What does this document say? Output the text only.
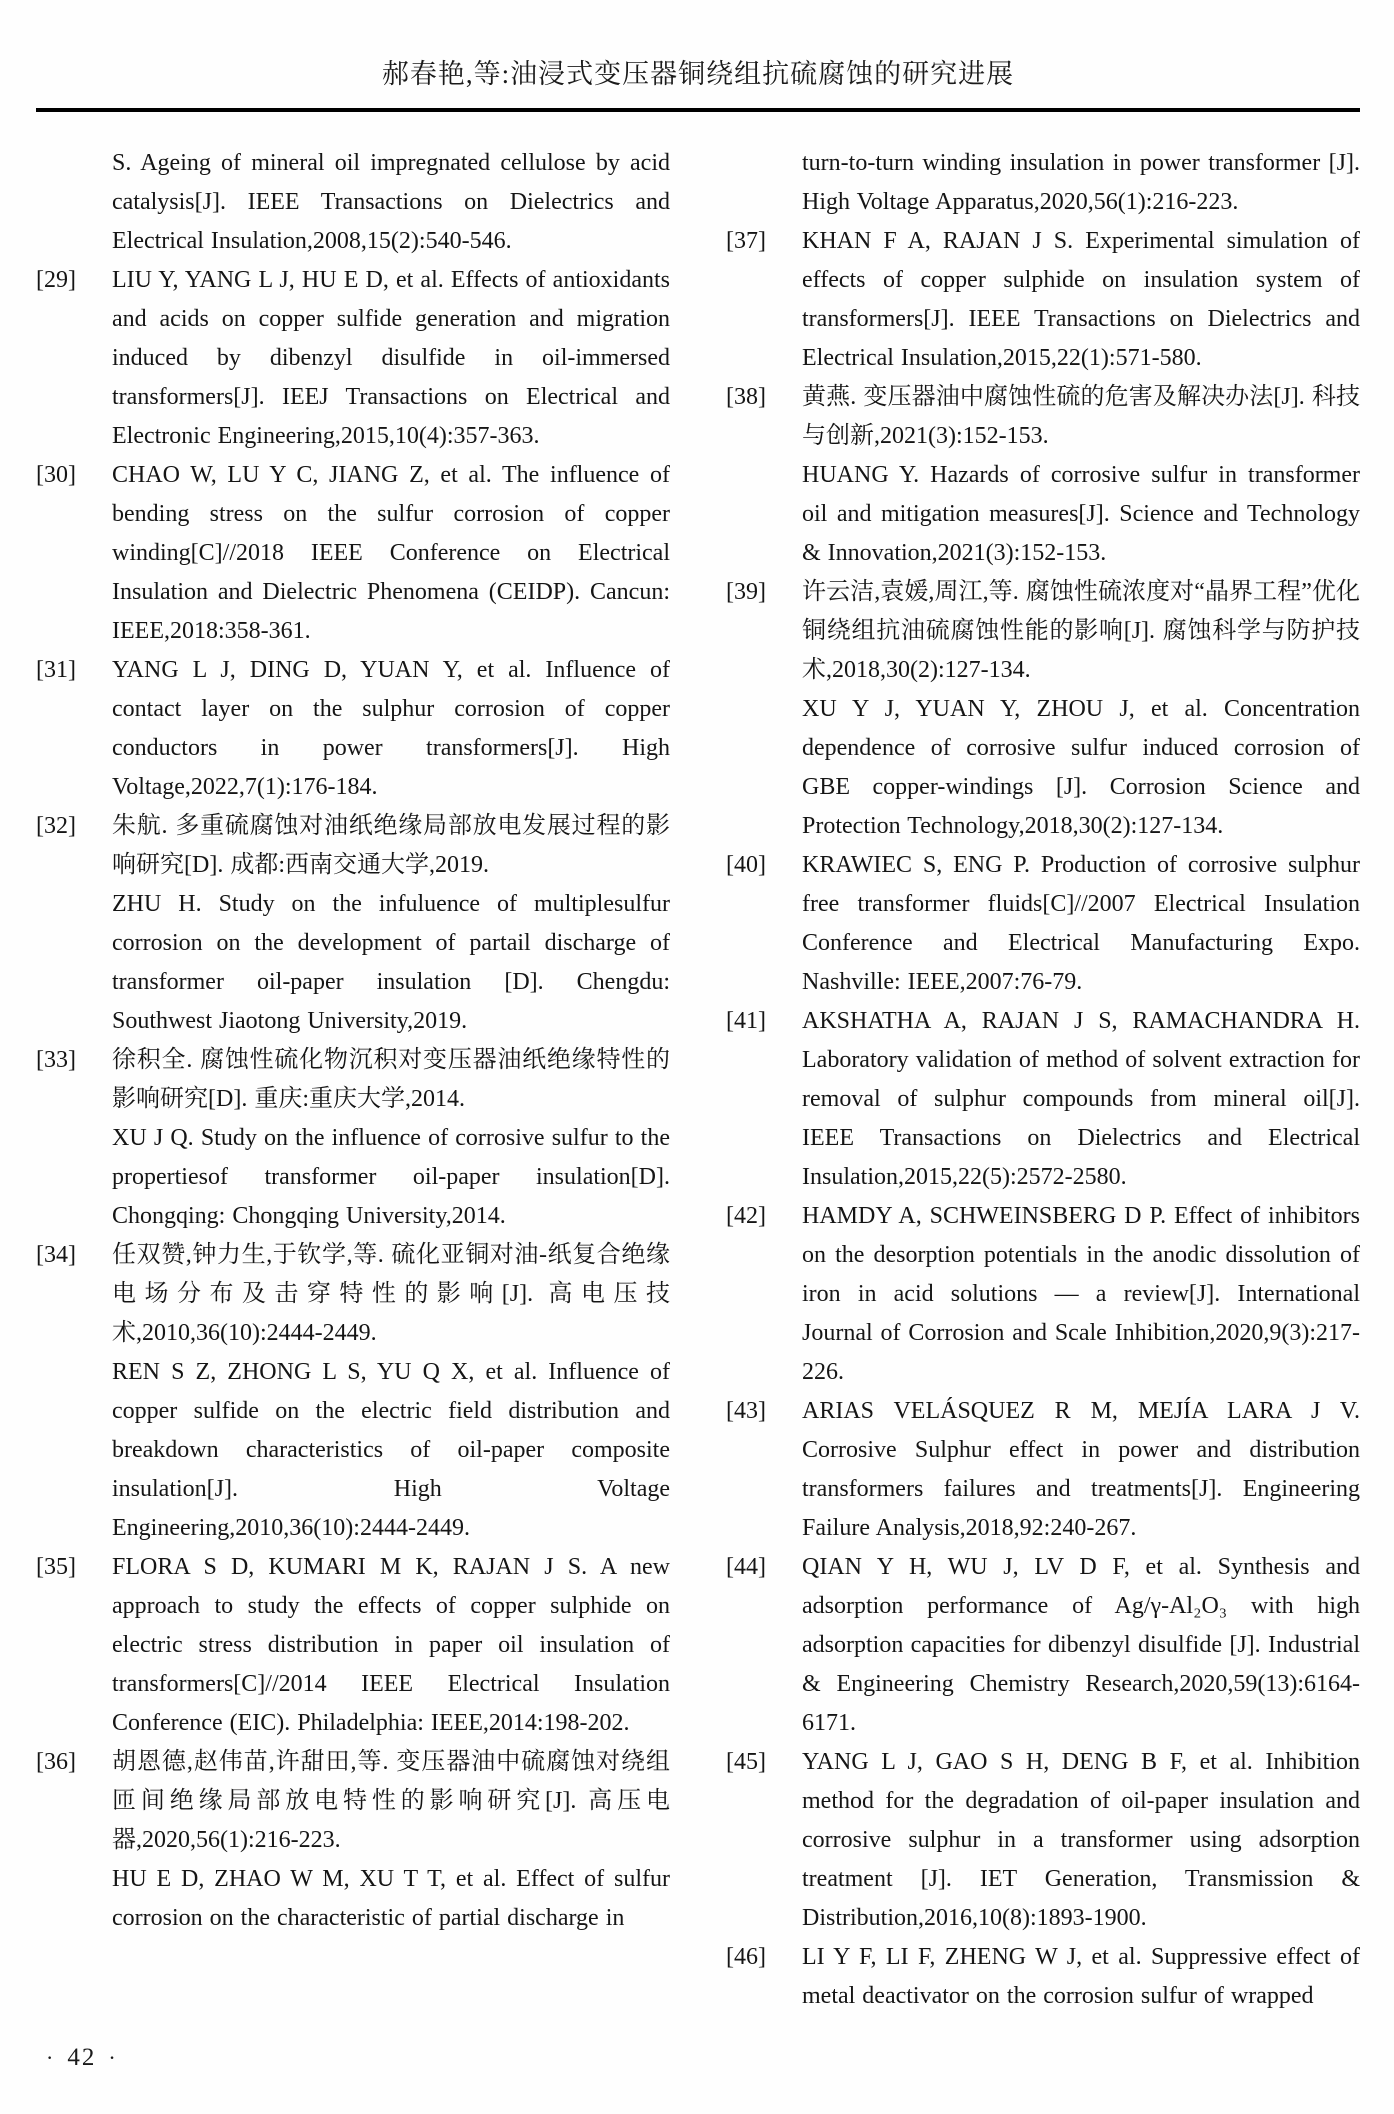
郝春艳,等:油浸式变压器铜绕组抗硫腐蚀的研究进展

S. Ageing of mineral oil impregnated cellulose by acid catalysis[J]. IEEE Transactions on Dielectrics and Electrical Insulation,2008,15(2):540-546.

[29]	LIU Y, YANG L J, HU E D, et al. Effects of antioxidants and acids on copper sulfide generation and migration induced by dibenzyl disulfide in oil-immersed transformers[J]. IEEJ Transactions on Electrical and Electronic Engineering,2015,10(4):357-363.

[30]	CHAO W, LU Y C, JIANG Z, et al. The influence of bending stress on the sulfur corrosion of copper winding[C]//2018 IEEE Conference on Electrical Insulation and Dielectric Phenomena (CEIDP). Cancun: IEEE,2018:358-361.

[31]	YANG L J, DING D, YUAN Y, et al. Influence of contact layer on the sulphur corrosion of copper conductors in power transformers[J]. High Voltage,2022,7(1):176-184.

[32]	朱航. 多重硫腐蚀对油纸绝缘局部放电发展过程的影响研究[D]. 成都:西南交通大学,2019.

ZHU H. Study on the infuluence of multiplesulfur corrosion on the development of partail discharge of transformer oil-paper insulation [D]. Chengdu: Southwest Jiaotong University,2019.

[33]	徐积全. 腐蚀性硫化物沉积对变压器油纸绝缘特性的影响研究[D]. 重庆:重庆大学,2014.

XU J Q. Study on the influence of corrosive sulfur to the propertiesof transformer oil-paper insulation[D]. Chongqing: Chongqing University,2014.

[34]	任双赞,钟力生,于钦学,等. 硫化亚铜对油-纸复合绝缘电场分布及击穿特性的影响[J]. 高电压技术,2010,36(10):2444-2449.

REN S Z, ZHONG L S, YU Q X, et al. Influence of copper sulfide on the electric field distribution and breakdown characteristics of oil-paper composite insulation[J]. High Voltage Engineering,2010,36(10):2444-2449.

[35]	FLORA S D, KUMARI M K, RAJAN J S. A new approach to study the effects of copper sulphide on electric stress distribution in paper oil insulation of transformers[C]//2014 IEEE Electrical Insulation Conference (EIC). Philadelphia: IEEE,2014:198-202.

[36]	胡恩德,赵伟苗,许甜田,等. 变压器油中硫腐蚀对绕组匝间绝缘局部放电特性的影响研究[J]. 高压电器,2020,56(1):216-223.

HU E D, ZHAO W M, XU T T, et al. Effect of sulfur corrosion on the characteristic of partial discharge in

turn-to-turn winding insulation in power transformer [J]. High Voltage Apparatus,2020,56(1):216-223.

[37]	KHAN F A, RAJAN J S. Experimental simulation of effects of copper sulphide on insulation system of transformers[J]. IEEE Transactions on Dielectrics and Electrical Insulation,2015,22(1):571-580.

[38]	黄燕. 变压器油中腐蚀性硫的危害及解决办法[J]. 科技与创新,2021(3):152-153.

HUANG Y. Hazards of corrosive sulfur in transformer oil and mitigation measures[J]. Science and Technology & Innovation,2021(3):152-153.

[39]	许云洁,袁媛,周江,等. 腐蚀性硫浓度对“晶界工程”优化铜绕组抗油硫腐蚀性能的影响[J]. 腐蚀科学与防护技术,2018,30(2):127-134.

XU Y J, YUAN Y, ZHOU J, et al. Concentration dependence of corrosive sulfur induced corrosion of GBE copper-windings [J]. Corrosion Science and Protection Technology,2018,30(2):127-134.

[40]	KRAWIEC S, ENG P. Production of corrosive sulphur free transformer fluids[C]//2007 Electrical Insulation Conference and Electrical Manufacturing Expo. Nashville: IEEE,2007:76-79.

[41]	AKSHATHA A, RAJAN J S, RAMACHANDRA H. Laboratory validation of method of solvent extraction for removal of sulphur compounds from mineral oil[J]. IEEE Transactions on Dielectrics and Electrical Insulation,2015,22(5):2572-2580.

[42]	HAMDY A, SCHWEINSBERG D P. Effect of inhibitors on the desorption potentials in the anodic dissolution of iron in acid solutions — a review[J]. International Journal of Corrosion and Scale Inhibition,2020,9(3):217-226.

[43]	ARIAS VELÁSQUEZ R M, MEJÍA LARA J V. Corrosive Sulphur effect in power and distribution transformers failures and treatments[J]. Engineering Failure Analysis,2018,92:240-267.

[44]	QIAN Y H, WU J, LV D F, et al. Synthesis and adsorption performance of Ag/γ-Al₂O₃ with high adsorption capacities for dibenzyl disulfide [J]. Industrial & Engineering Chemistry Research,2020,59(13):6164-6171.

[45]	YANG L J, GAO S H, DENG B F, et al. Inhibition method for the degradation of oil-paper insulation and corrosive sulphur in a transformer using adsorption treatment [J]. IET Generation, Transmission & Distribution,2016,10(8):1893-1900.

[46]	LI Y F, LI F, ZHENG W J, et al. Suppressive effect of metal deactivator on the corrosion sulfur of wrapped

· 42 ·
